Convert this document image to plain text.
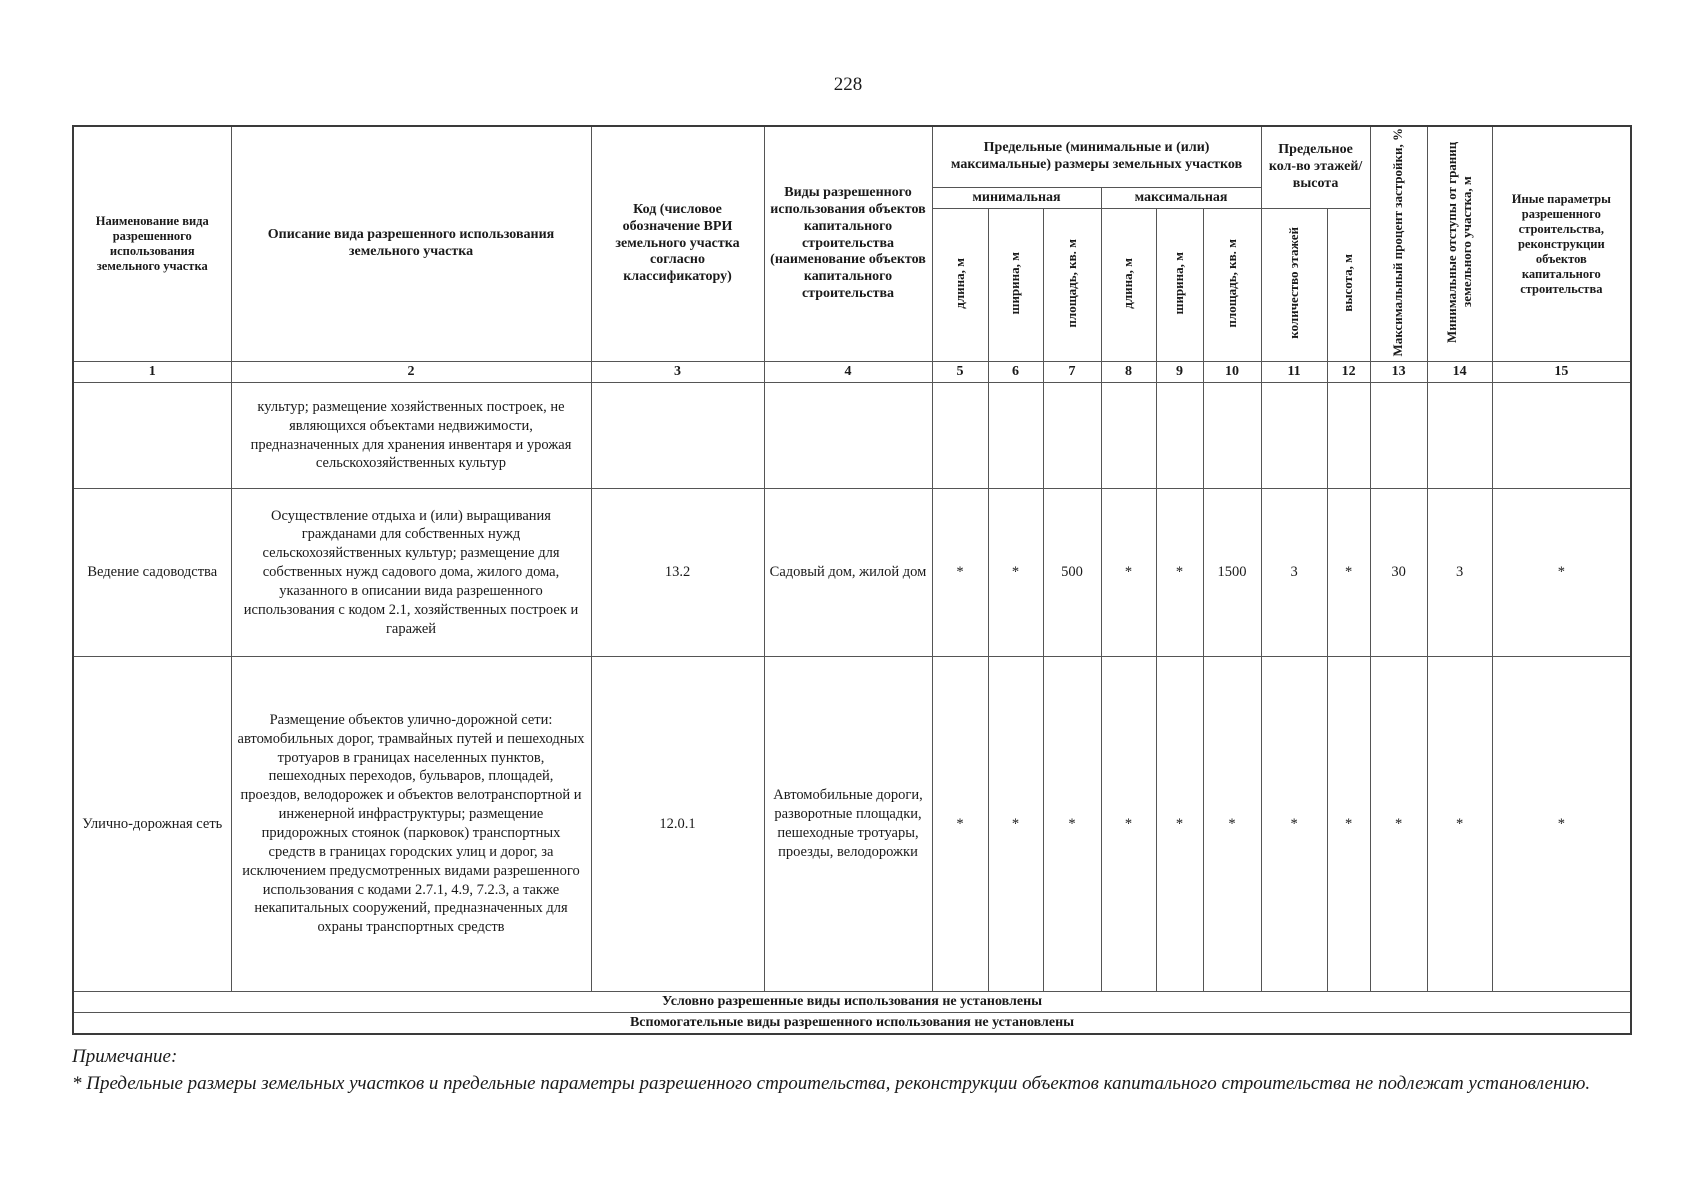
228
Наименование вида разрешенного использования земельного участка	Описание вида разрешенного использования земельного участка	Код (числовое обозначение ВРИ земельного участка согласно классификатору)	Виды разрешенного использования объектов капитального строительства (наименование объектов капитального строительства	Предельные (минимальные и (или) максимальные) размеры земельных участков						Предельное кол-во этажей/ высота		Максимальный процент застройки, %	Минимальные отступы от границ земельного участка, м	Иные параметры разрешенного строительства, реконструкции объектов капитального строительства
				минимальная			максимальная							
				длина, м	ширина, м	площадь, кв. м	длина, м	ширина, м	площадь, кв. м	количество этажей	высота, м			
1	2	3	4	5	6	7	8	9	10	11	12	13	14	15
	культур; размещение хозяйственных построек, не являющихся объектами недвижимости, предназначенных для хранения инвентаря и урожая сельскохозяйственных культур													
Ведение садоводства	Осуществление отдыха и (или) выращивания гражданами для собственных нужд сельскохозяйственных культур; размещение для собственных нужд садового дома, жилого дома, указанного в описании вида разрешенного использования с кодом 2.1, хозяйственных построек и гаражей	13.2	Садовый дом, жилой дом	*	*	500	*	*	1500	3	*	30	3	*
Улично-дорожная сеть	Размещение объектов улично-дорожной сети: автомобильных дорог, трамвайных путей и пешеходных тротуаров в границах населенных пунктов, пешеходных переходов, бульваров, площадей, проездов, велодорожек и объектов велотранспортной и инженерной инфраструктуры; размещение придорожных стоянок (парковок) транспортных средств в границах городских улиц и дорог, за исключением предусмотренных видами разрешенного использования с кодами 2.7.1, 4.9, 7.2.3, а также некапитальных сооружений, предназначенных для охраны транспортных средств	12.0.1	Автомобильные дороги, разворотные площадки, пешеходные тротуары, проезды, велодорожки	*	*	*	*	*	*	*	*	*	*	*
Условно разрешенные виды использования не установлены														
Вспомогательные виды разрешенного использования не установлены														
Примечание:
* Предельные размеры земельных участков и предельные параметры разрешенного строительства, реконструкции объектов капитального строительства не подлежат установлению.
